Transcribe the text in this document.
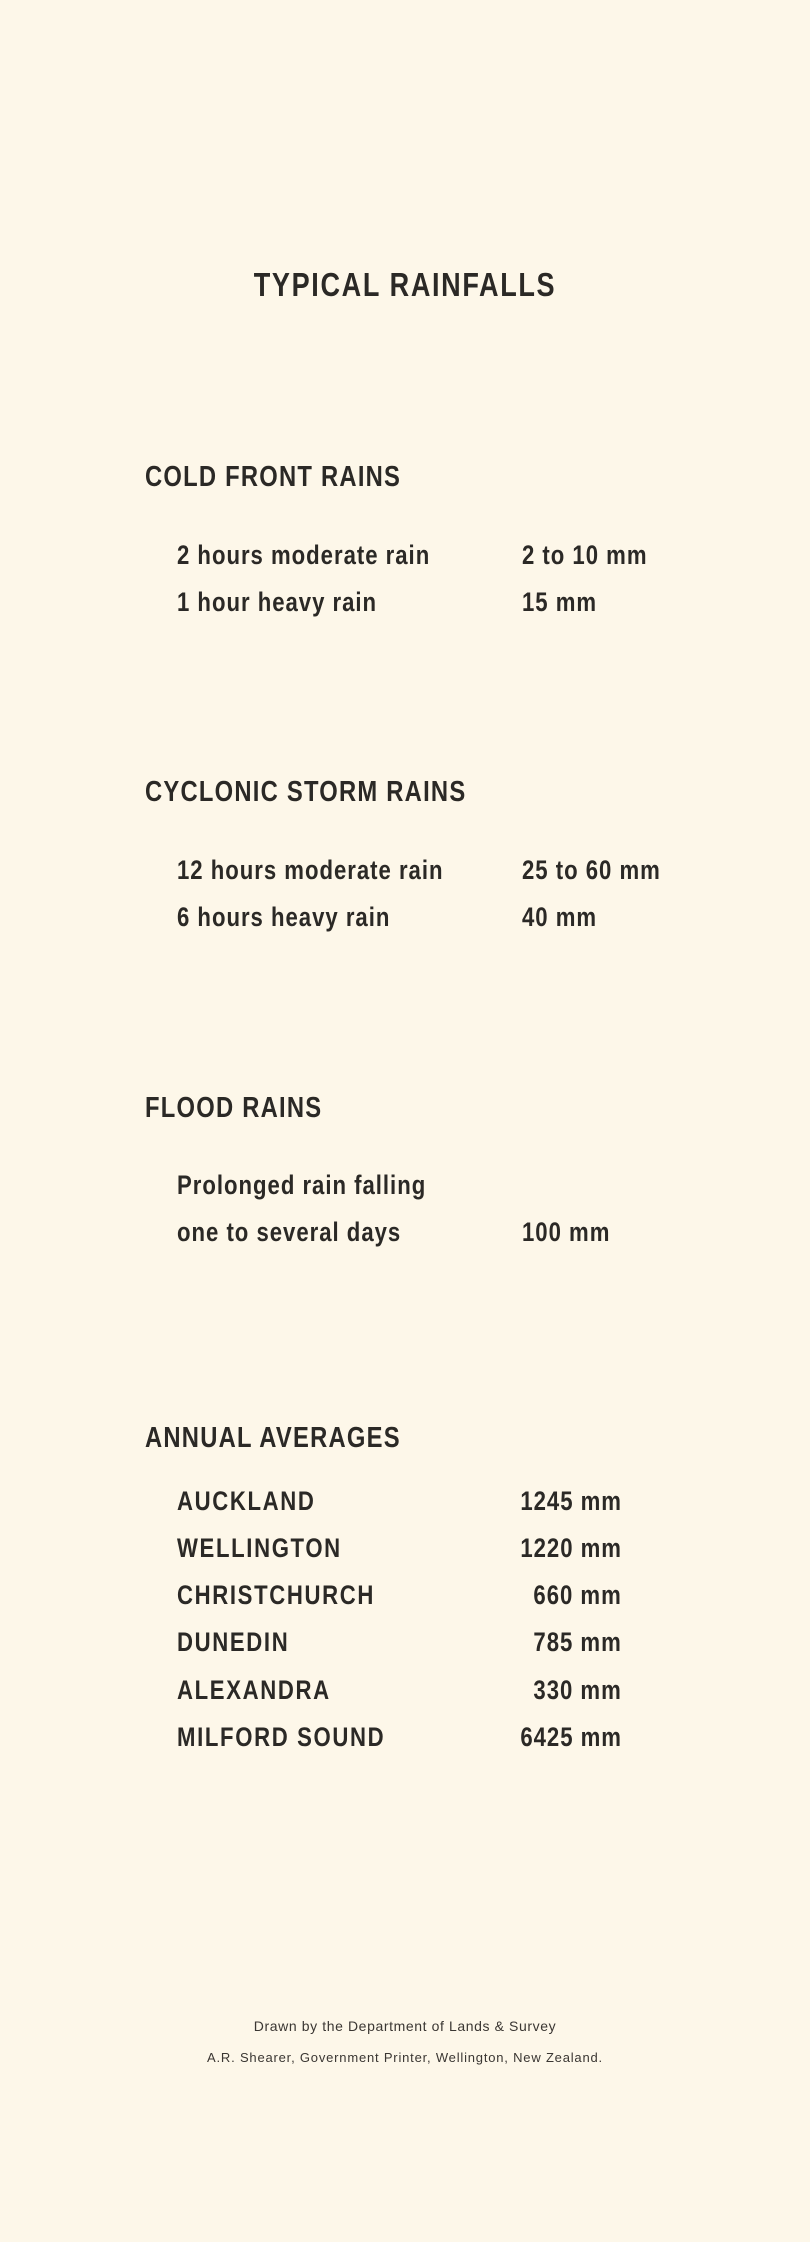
TYPICAL RAINFALLS
COLD FRONT RAINS
2 hours moderate rain	2 to 10 mm
1 hour heavy rain	15 mm
CYCLONIC STORM RAINS
12 hours moderate rain	25 to 60 mm
6 hours heavy rain	40 mm
FLOOD RAINS
Prolonged rain falling
one to several days	100 mm
ANNUAL AVERAGES
AUCKLAND	1245 mm
WELLINGTON	1220 mm
CHRISTCHURCH	660 mm
DUNEDIN	785 mm
ALEXANDRA	330 mm
MILFORD SOUND	6425 mm
Drawn by the Department of Lands & Survey
A.R. Shearer, Government Printer, Wellington, New Zealand.
